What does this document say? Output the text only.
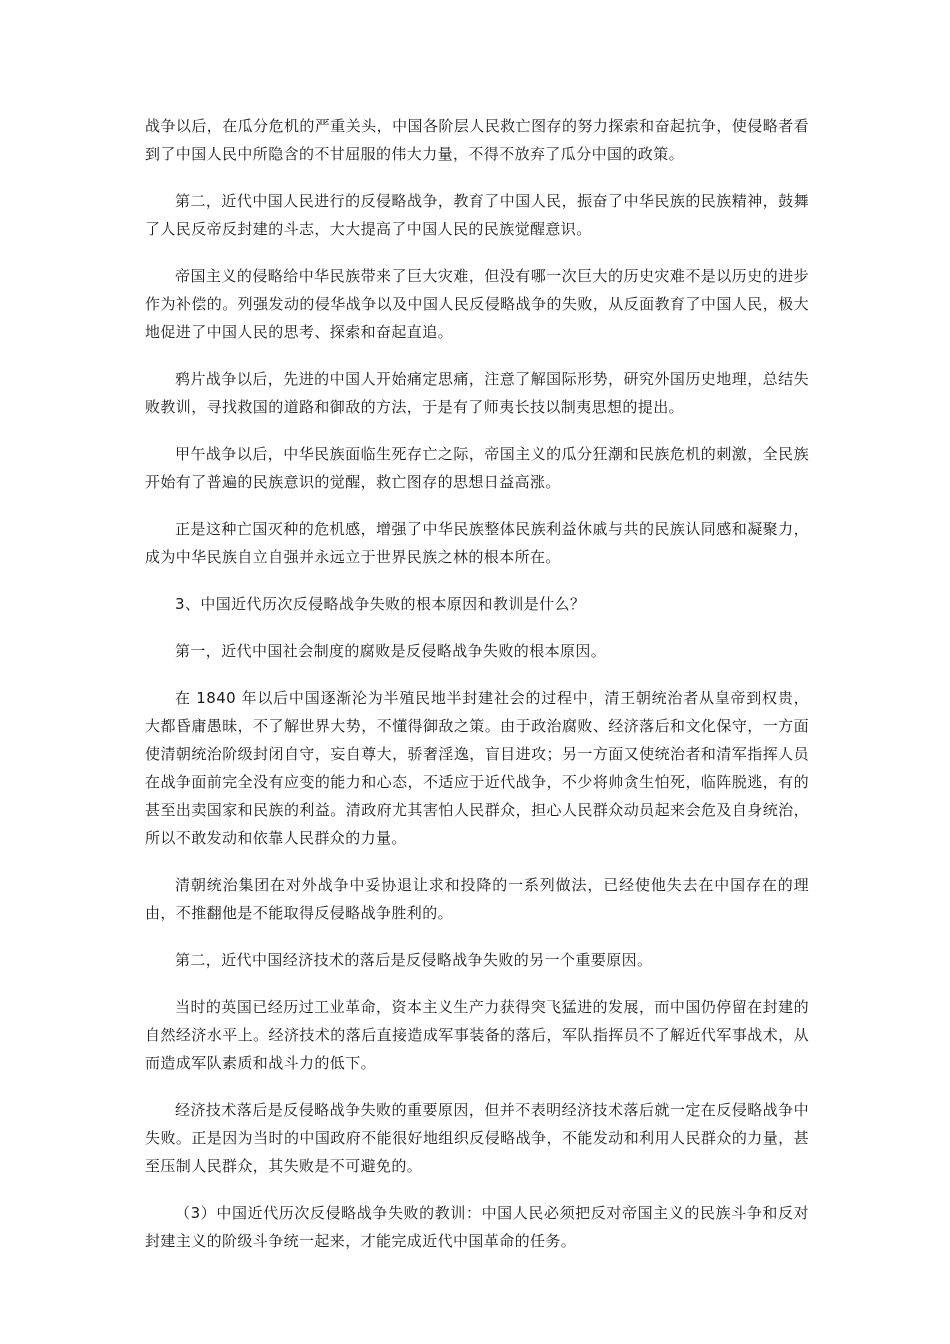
战争以后，在瓜分危机的严重关头，中国各阶层人民救亡图存的努力探索和奋起抗争，使侵略者看到了中国人民中所隐含的不甘屈服的伟大力量，不得不放弃了瓜分中国的政策。

第二，近代中国人民进行的反侵略战争，教育了中国人民，振奋了中华民族的民族精神，鼓舞了人民反帝反封建的斗志，大大提高了中国人民的民族觉醒意识。

帝国主义的侵略给中华民族带来了巨大灾难，但没有哪一次巨大的历史灾难不是以历史的进步作为补偿的。列强发动的侵华战争以及中国人民反侵略战争的失败，从反面教育了中国人民，极大地促进了中国人民的思考、探索和奋起直追。

鸦片战争以后，先进的中国人开始痛定思痛，注意了解国际形势，研究外国历史地理，总结失败教训，寻找救国的道路和御敌的方法，于是有了师夷长技以制夷思想的提出。

甲午战争以后，中华民族面临生死存亡之际，帝国主义的瓜分狂潮和民族危机的刺激，全民族开始有了普遍的民族意识的觉醒，救亡图存的思想日益高涨。

正是这种亡国灭种的危机感，增强了中华民族整体民族利益休戚与共的民族认同感和凝聚力，成为中华民族自立自强并永远立于世界民族之林的根本所在。

3、中国近代历次反侵略战争失败的根本原因和教训是什么？

第一，近代中国社会制度的腐败是反侵略战争失败的根本原因。

在 1840 年以后中国逐渐沦为半殖民地半封建社会的过程中，清王朝统治者从皇帝到权贵，大都昏庸愚昧，不了解世界大势，不懂得御敌之策。由于政治腐败、经济落后和文化保守，一方面使清朝统治阶级封闭自守，妄自尊大，骄奢淫逸，盲目进攻；另一方面又使统治者和清军指挥人员在战争面前完全没有应变的能力和心态，不适应于近代战争，不少将帅贪生怕死，临阵脱逃，有的甚至出卖国家和民族的利益。清政府尤其害怕人民群众，担心人民群众动员起来会危及自身统治，所以不敢发动和依靠人民群众的力量。

清朝统治集团在对外战争中妥协退让求和投降的一系列做法，已经使他失去在中国存在的理由，不推翻他是不能取得反侵略战争胜利的。

第二，近代中国经济技术的落后是反侵略战争失败的另一个重要原因。

当时的英国已经历过工业革命，资本主义生产力获得突飞猛进的发展，而中国仍停留在封建的自然经济水平上。经济技术的落后直接造成军事装备的落后，军队指挥员不了解近代军事战术，从而造成军队素质和战斗力的低下。

经济技术落后是反侵略战争失败的重要原因，但并不表明经济技术落后就一定在反侵略战争中失败。正是因为当时的中国政府不能很好地组织反侵略战争，不能发动和利用人民群众的力量，甚至压制人民群众，其失败是不可避免的。

（3）中国近代历次反侵略战争失败的教训：中国人民必须把反对帝国主义的民族斗争和反对封建主义的阶级斗争统一起来，才能完成近代中国革命的任务。
